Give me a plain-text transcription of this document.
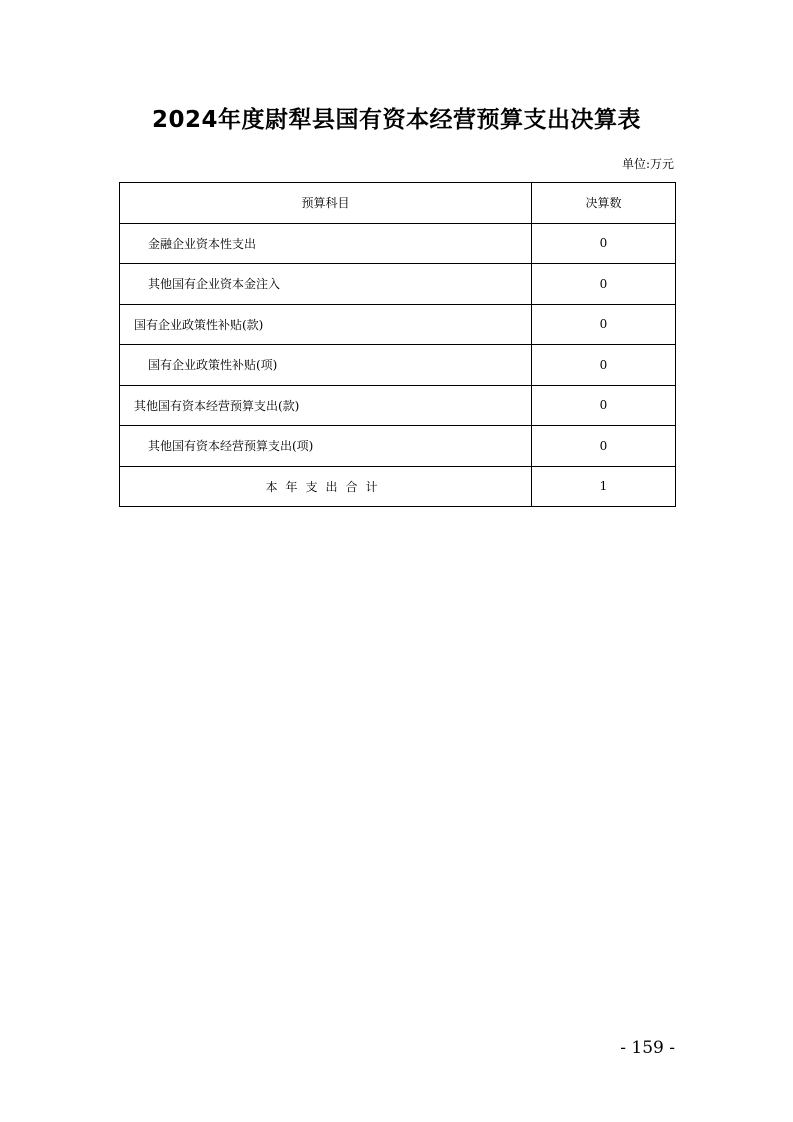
2024年度尉犁县国有资本经营预算支出决算表
单位:万元
预算科目	决算数
金融企业资本性支出	0
其他国有企业资本金注入	0
国有企业政策性补贴(款)	0
国有企业政策性补贴(项)	0
其他国有资本经营预算支出(款)	0
其他国有资本经营预算支出(项)	0
本年支出合计	1
- 159 -
